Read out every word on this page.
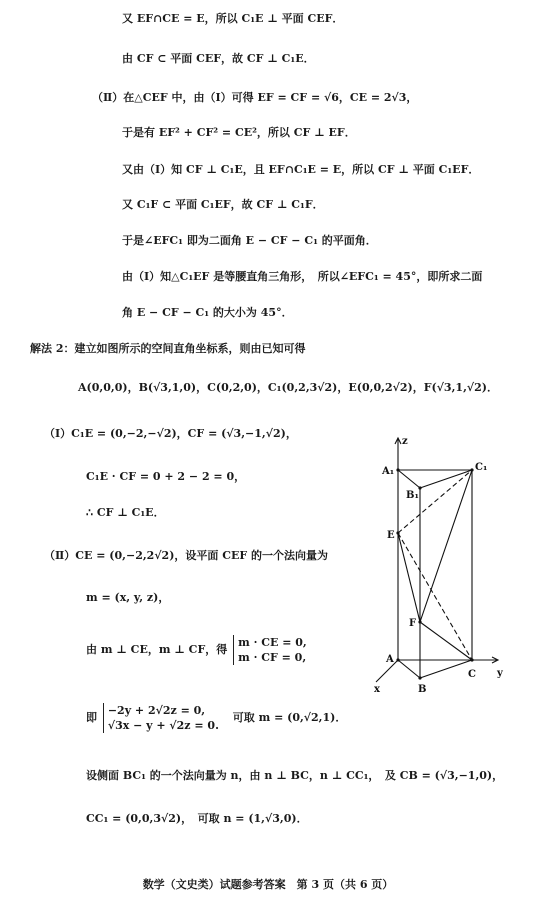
又 EF∩CE = E，所以 C₁E ⊥ 平面 CEF．
由 CF ⊂ 平面 CEF，故 CF ⊥ C₁E．
（Ⅱ）在△CEF 中，由（Ⅰ）可得 EF = CF = √6，CE = 2√3，
于是有 EF² + CF² = CE²，所以 CF ⊥ EF．
又由（Ⅰ）知 CF ⊥ C₁E，且 EF∩C₁E = E，所以 CF ⊥ 平面 C₁EF．
又 C₁F ⊂ 平面 C₁EF，故 CF ⊥ C₁F．
于是∠EFC₁ 即为二面角 E − CF − C₁ 的平面角．
由（Ⅰ）知△C₁EF 是等腰直角三角形，　所以∠EFC₁ = 45°，即所求二面
角 E − CF − C₁ 的大小为 45°．
解法 2：建立如图所示的空间直角坐标系，则由已知可得
A(0,0,0)，B(√3,1,0)，C(0,2,0)，C₁(0,2,3√2)，E(0,0,2√2)，F(√3,1,√2)．
（Ⅰ）C₁E = (0,−2,−√2)，CF = (√3,−1,√2)，
C₁E · CF = 0 + 2 − 2 = 0，
∴ CF ⊥ C₁E．
（Ⅱ）CE = (0,−2,2√2)，设平面 CEF 的一个法向量为
m = (x, y, z)，
由 m ⊥ CE，m ⊥ CF，得
m · CE = 0,
m · CF = 0,
即
−2y + 2√2z = 0,
√3x − y + √2z = 0.
可取 m = (0,√2,1)．
设侧面 BC₁ 的一个法向量为 n，由 n ⊥ BC，n ⊥ CC₁，　及 CB = (√3,−1,0)，
CC₁ = (0,0,3√2)，　可取 n = (1,√3,0)．
z
A₁	C₁
B₁
E
F
A
C
B
x
y
数学（文史类）试题参考答案　第 3 页（共 6 页）
